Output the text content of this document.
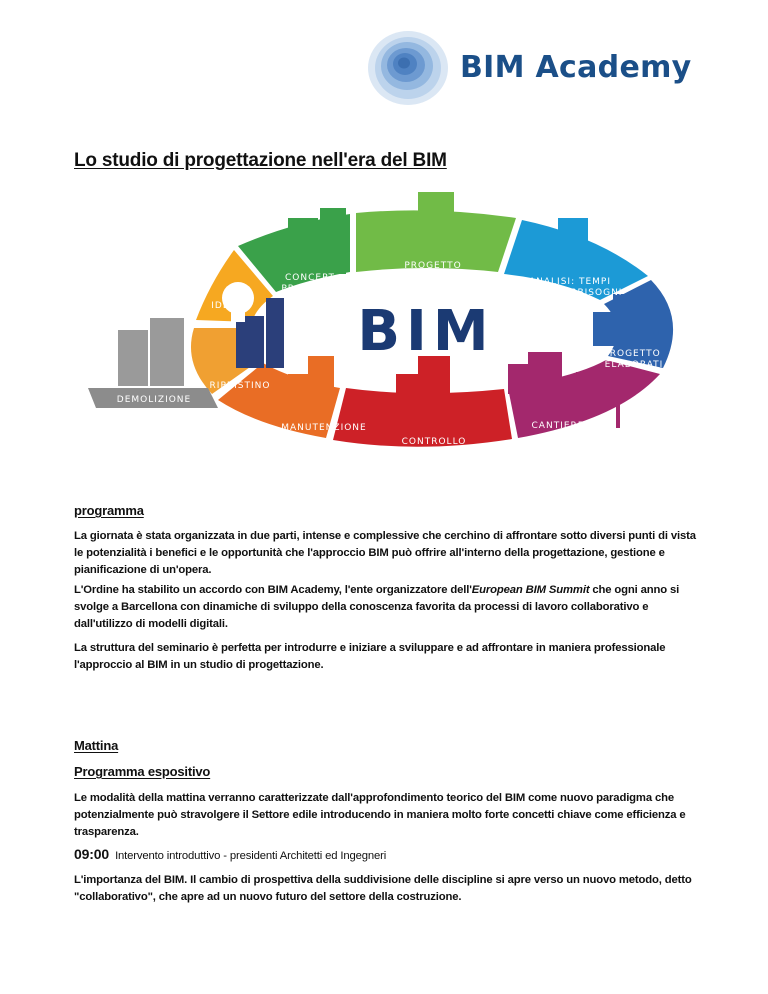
BIM Academy
Lo studio di progettazione nell'era del BIM
BIM
CONCEPT
PROGETTO
PROGETTO
DETTAGLIATO	ANALISI: TEMPI
COSTI/FABBISOGNI
PROGETTO
ELABORATI
CANTIERE
CONTROLLO
AVANZAMENTO
MANUTENZIONE
RIPRISTINO
IDEA
DEMOLIZIONE
programma
La giornata è stata organizzata in due parti, intense e complessive che cerchino di affrontare sotto diversi punti di vista le potenzialità i benefici e le opportunità che l'approccio BIM può offrire all'interno della progettazione, gestione e pianificazione di un'opera.
L'Ordine ha stabilito un accordo con BIM Academy, l'ente organizzatore dell'European BIM Summit che ogni anno si svolge a Barcellona con dinamiche di sviluppo della conoscenza favorita da processi di lavoro collaborativo e dall'utilizzo di modelli digitali.
La struttura del seminario è perfetta per introdurre e iniziare a sviluppare e ad affrontare in maniera professionale l'approccio al BIM in un studio di progettazione.
Mattina
Programma espositivo
Le modalità della mattina verranno caratterizzate dall'approfondimento teorico del BIM come nuovo paradigma che potenzialmente può stravolgere il Settore edile introducendo in maniera molto forte concetti chiave come efficienza e trasparenza.
09:00 Intervento introduttivo - presidenti Architetti ed Ingegneri
L'importanza del BIM. Il cambio di prospettiva della suddivisione delle discipline si apre verso un nuovo metodo, detto "collaborativo", che apre ad un nuovo futuro del settore della costruzione.
